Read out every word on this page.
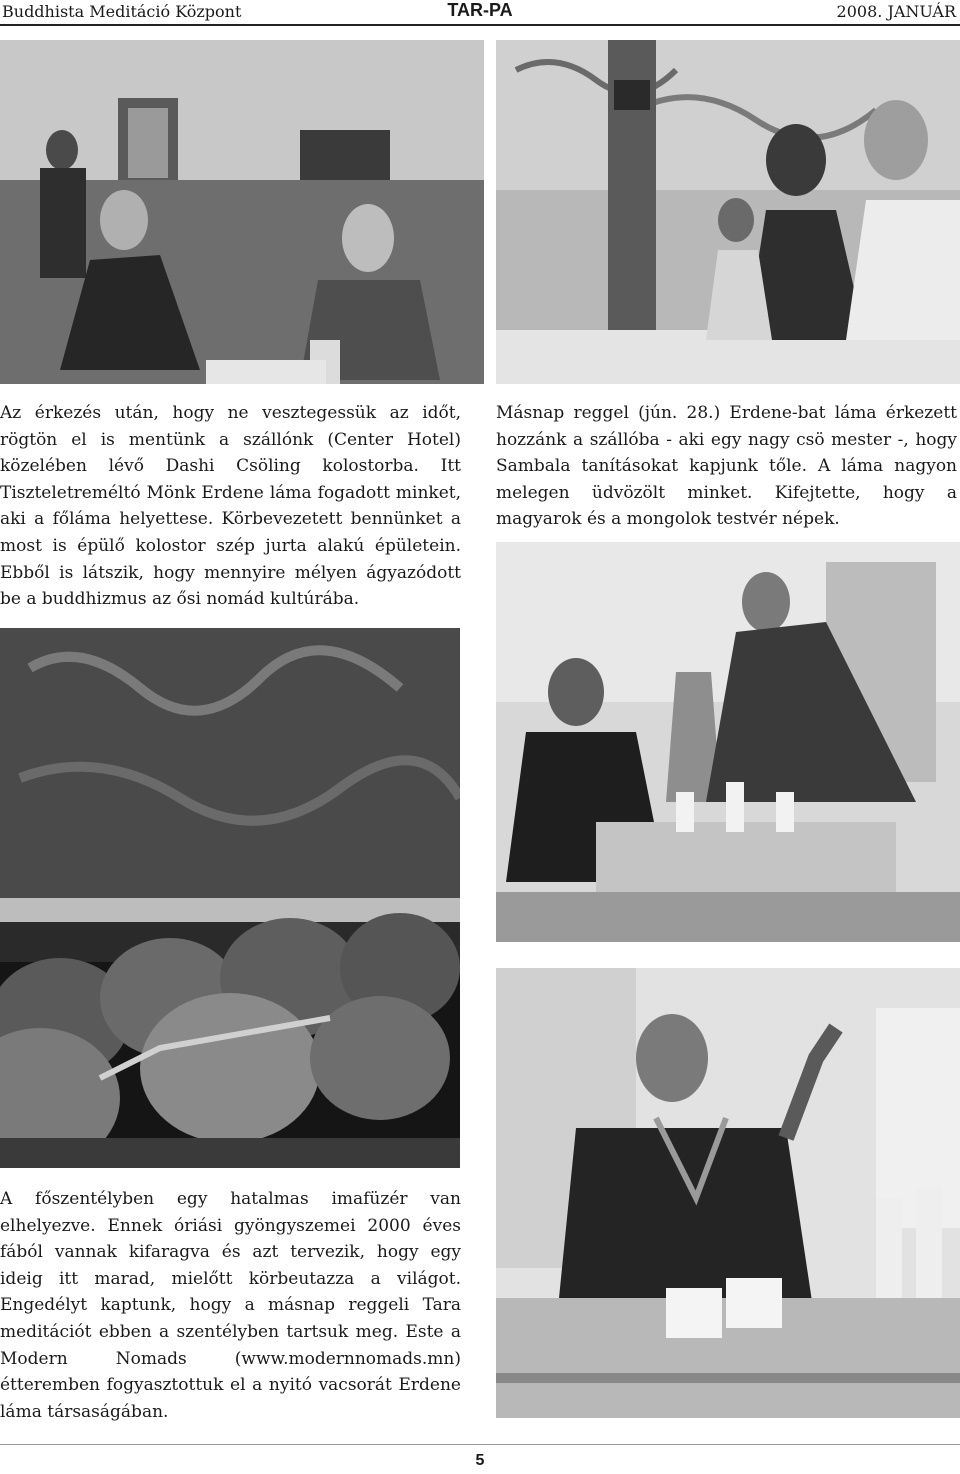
Buddhista Meditáció Központ	TAR-PA	2008. JANUÁR
Az érkezés után, hogy ne vesztegessük az időt, rögtön el is mentünk a szállónk (Center Hotel) közelében lévő Dashi Csöling kolostorba. Itt Tiszteletreméltó Mönk Erdene láma fogadott minket, aki a főláma helyettese. Körbevezetett bennünket a most is épülő kolostor szép jurta alakú épületein. Ebből is látszik, hogy mennyire mélyen ágyazódott be a buddhizmus az ősi nomád kultúrába.
Másnap reggel (jún. 28.) Erdene-bat láma érkezett hozzánk a szállóba - aki egy nagy csö mester -, hogy Sambala tanításokat kapjunk tőle. A láma nagyon melegen üdvözölt minket. Kifejtette, hogy a magyarok és a mongolok testvér népek.
A főszentélyben egy hatalmas imafüzér van elhelyezve. Ennek óriási gyöngyszemei 2000 éves fából vannak kifaragva és azt tervezik, hogy egy ideig itt marad, mielőtt körbeutazza a világot. Engedélyt kaptunk, hogy a másnap reggeli Tara meditációt ebben a szentélyben tartsuk meg. Este a Modern Nomads (www.modernnomads.mn) étteremben fogyasztottuk el a nyitó vacsorát Erdene láma társaságában.
5
